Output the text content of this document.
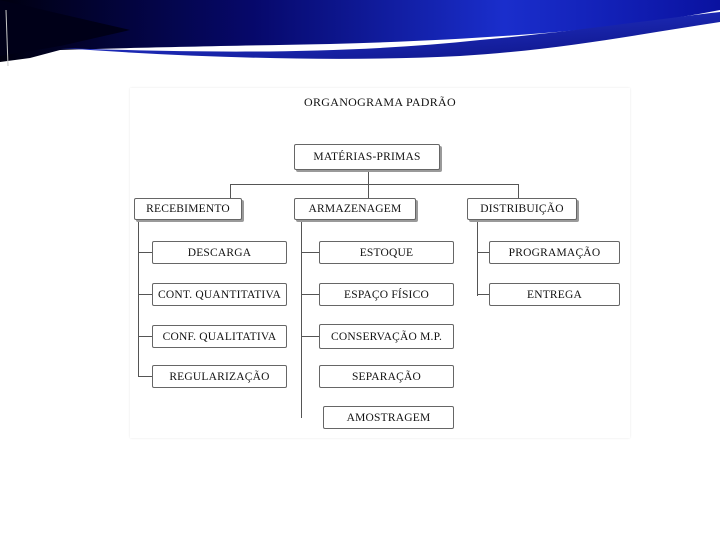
ORGANOGRAMA PADRÃO
MATÉRIAS-PRIMAS
RECEBIMENTO	ARMAZENAGEM	DISTRIBUIÇÃO
DESCARGA
CONT. QUANTITATIVA
CONF. QUALITATIVA
REGULARIZAÇÃO
ESTOQUE
ESPAÇO FÍSICO
CONSERVAÇÃO M.P.
SEPARAÇÃO
AMOSTRAGEM
PROGRAMAÇÃO
ENTREGA
